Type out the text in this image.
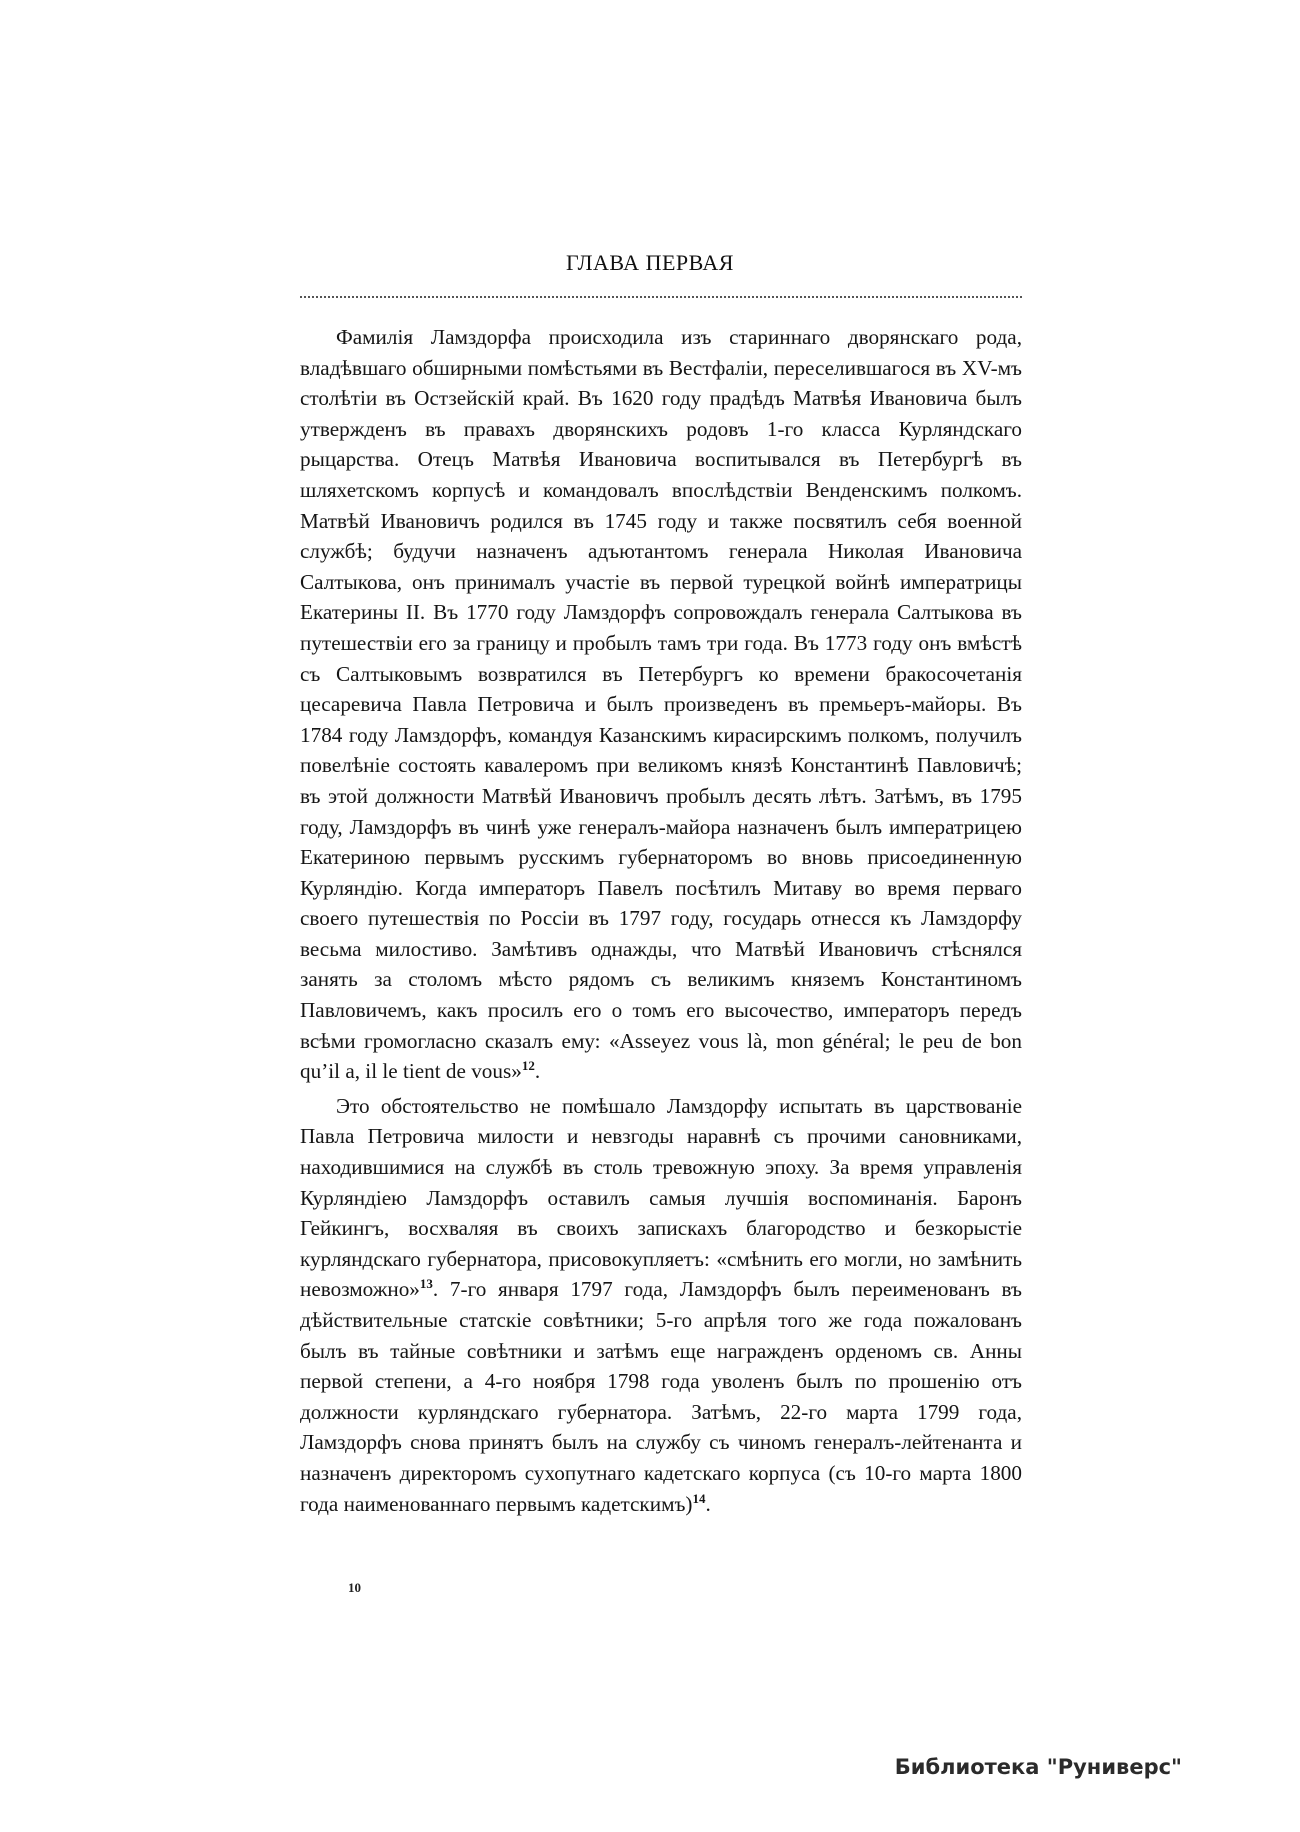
ГЛАВА ПЕРВАЯ

Фамилія Ламздорфа происходила изъ стариннаго дворянскаго рода, владѣвшаго обширными помѣстьями въ Вестфаліи, переселившагося въ XV-мъ столѣтіи въ Остзейскій край. Въ 1620 году прадѣдъ Матвѣя Ивановича былъ утвержденъ въ правахъ дворянскихъ родовъ 1-го класса Курляндскаго рыцарства. Отецъ Матвѣя Ивановича воспитывался въ Петербургѣ въ шляхетскомъ корпусѣ и командовалъ впослѣдствіи Венденскимъ полкомъ. Матвѣй Ивановичъ родился въ 1745 году и также посвятилъ себя военной службѣ; будучи назначенъ адъютантомъ генерала Николая Ивановича Салтыкова, онъ принималъ участіе въ первой турецкой войнѣ императрицы Екатерины II. Въ 1770 году Ламздорфъ сопровождалъ генерала Салтыкова въ путешествіи его за границу и пробылъ тамъ три года. Въ 1773 году онъ вмѣстѣ съ Салтыковымъ возвратился въ Петербургъ ко времени бракосочетанія цесаревича Павла Петровича и былъ произведенъ въ премьеръ-майоры. Въ 1784 году Ламздорфъ, командуя Казанскимъ кирасирскимъ полкомъ, получилъ повелѣніе состоять кавалеромъ при великомъ князѣ Константинѣ Павловичѣ; въ этой должности Матвѣй Ивановичъ пробылъ десять лѣтъ. Затѣмъ, въ 1795 году, Ламздорфъ въ чинѣ уже генералъ-майора назначенъ былъ императрицею Екатериною первымъ русскимъ губернаторомъ во вновь присоединенную Курляндію. Когда императоръ Павелъ посѣтилъ Митаву во время перваго своего путешествія по Россіи въ 1797 году, государь отнесся къ Ламздорфу весьма милостиво. Замѣтивъ однажды, что Матвѣй Ивановичъ стѣснялся занять за столомъ мѣсто рядомъ съ великимъ княземъ Константиномъ Павловичемъ, какъ просилъ его о томъ его высочество, императоръ передъ всѣми громогласно сказалъ ему: «Asseyez vous là, mon général; le peu de bon qu’il a, il le tient de vous»$^{12}$.

Это обстоятельство не помѣшало Ламздорфу испытать въ царствованіе Павла Петровича милости и невзгоды наравнѣ съ прочими сановниками, находившимися на службѣ въ столь тревожную эпоху. За время управленія Курляндіею Ламздорфъ оставилъ самыя лучшія воспоминанія. Баронъ Гейкингъ, восхваляя въ своихъ запискахъ благородство и безкорыстіе курляндскаго губернатора, присовокупляетъ: «смѣнить его могли, но замѣнить невозможно»$^{13}$. 7-го января 1797 года, Ламздорфъ былъ переименованъ въ дѣйствительные статскіе совѣтники; 5-го апрѣля того же года пожалованъ былъ въ тайные совѣтники и затѣмъ еще награжденъ орденомъ св. Анны первой степени, а 4-го ноября 1798 года уволенъ былъ по прошенію отъ должности курляндскаго губернатора. Затѣмъ, 22-го марта 1799 года, Ламздорфъ снова принятъ былъ на службу съ чиномъ генералъ-лейтенанта и назначенъ директоромъ сухопутнаго кадетскаго корпуса (съ 10-го марта 1800 года наименованнаго первымъ кадетскимъ)$^{14}$.

10
Библиотека "Руниверс"
